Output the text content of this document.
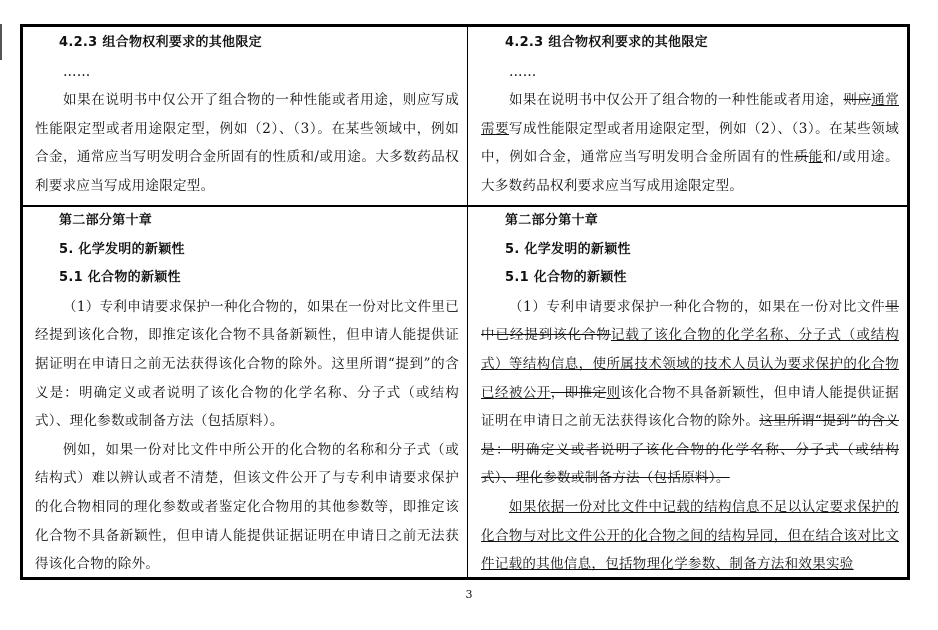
4.2.3 组合物权利要求的其他限定
……
如果在说明书中仅公开了组合物的一种性能或者用途，则应写成性能限定型或者用途限定型，例如（2）、（3）。在某些领域中，例如合金，通常应当写明发明合金所固有的性质和/或用途。大多数药品权利要求应当写成用途限定型。
4.2.3 组合物权利要求的其他限定
……
如果在说明书中仅公开了组合物的一种性能或者用途，则应通常需要写成性能限定型或者用途限定型，例如（2）、（3）。在某些领域中，例如合金，通常应当写明发明合金所固有的性质能和/或用途。大多数药品权利要求应当写成用途限定型。
第二部分第十章
5. 化学发明的新颖性
5.1 化合物的新颖性
（1）专利申请要求保护一种化合物的，如果在一份对比文件里已经提到该化合物，即推定该化合物不具备新颖性，但申请人能提供证据证明在申请日之前无法获得该化合物的除外。这里所谓“提到”的含义是：明确定义或者说明了该化合物的化学名称、分子式（或结构式）、理化参数或制备方法（包括原料）。
例如，如果一份对比文件中所公开的化合物的名称和分子式（或结构式）难以辨认或者不清楚，但该文件公开了与专利申请要求保护的化合物相同的理化参数或者鉴定化合物用的其他参数等，即推定该化合物不具备新颖性，但申请人能提供证据证明在申请日之前无法获得该化合物的除外。
第二部分第十章
5. 化学发明的新颖性
5.1 化合物的新颖性
（1）专利申请要求保护一种化合物的，如果在一份对比文件里中已经提到该化合物记载了该化合物的化学名称、分子式（或结构式）等结构信息，使所属技术领域的技术人员认为要求保护的化合物已经被公开，即推定则该化合物不具备新颖性，但申请人能提供证据证明在申请日之前无法获得该化合物的除外。这里所谓“提到”的含义是：明确定义或者说明了该化合物的化学名称、分子式（或结构式）、理化参数或制备方法（包括原料）。
如果依据一份对比文件中记载的结构信息不足以认定要求保护的化合物与对比文件公开的化合物之间的结构异同，但在结合该对比文件记载的其他信息，包括物理化学参数、制备方法和效果实验
3
